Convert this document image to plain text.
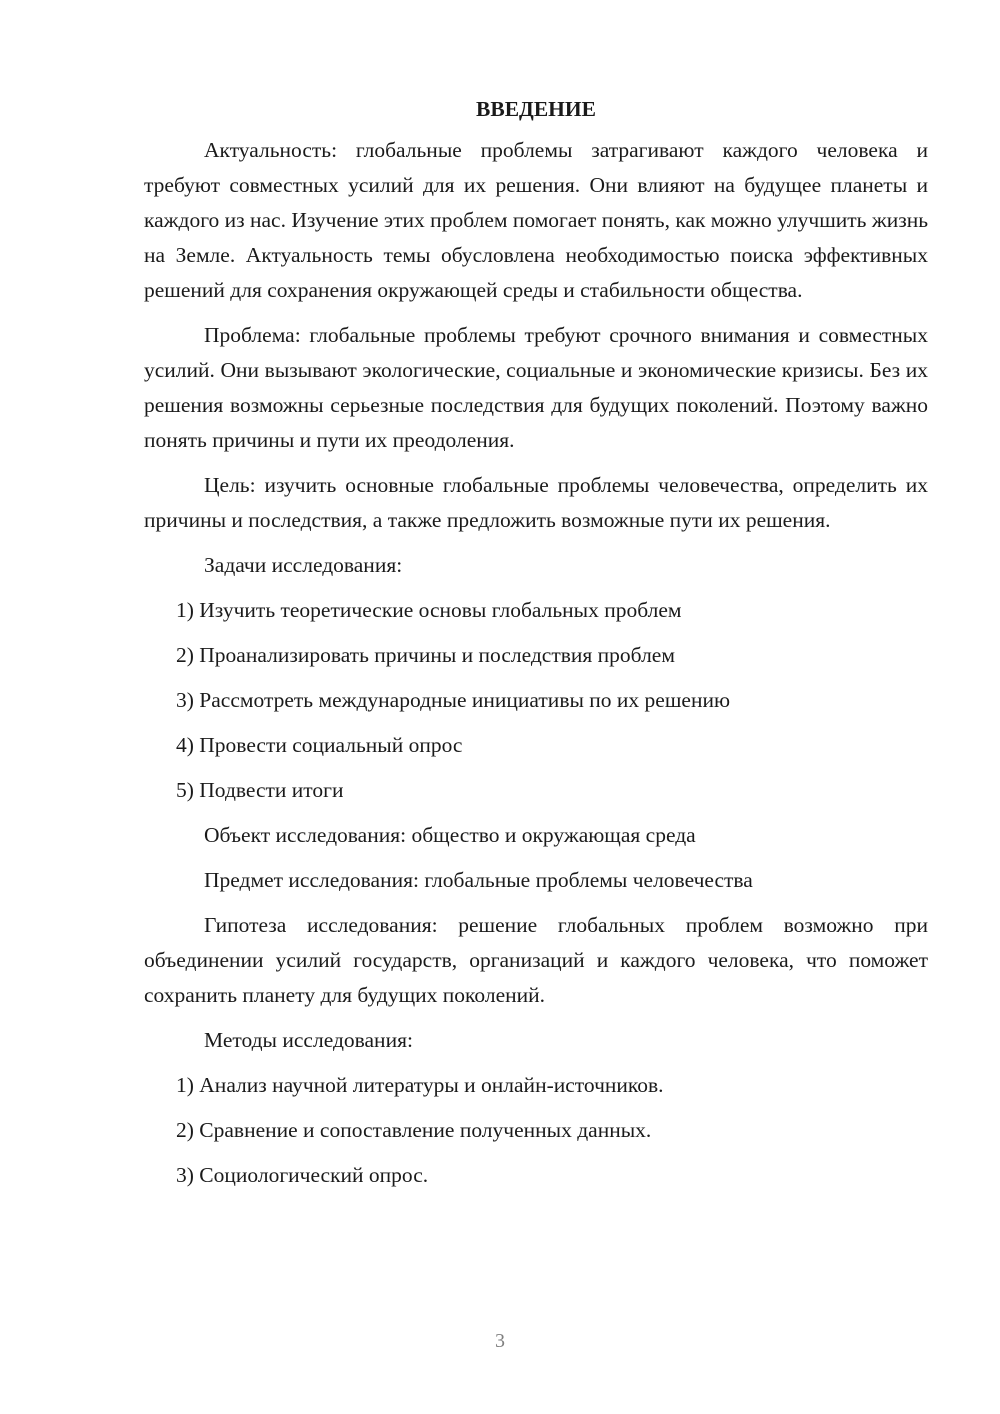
ВВЕДЕНИЕ

Актуальность: глобальные проблемы затрагивают каждого человека и требуют совместных усилий для их решения. Они влияют на будущее планеты и каждого из нас. Изучение этих проблем помогает понять, как можно улучшить жизнь на Земле. Актуальность темы обусловлена необходимостью поиска эффективных решений для сохранения окружающей среды и стабильности общества.

Проблема: глобальные проблемы требуют срочного внимания и совместных усилий. Они вызывают экологические, социальные и экономические кризисы. Без их решения возможны серьезные последствия для будущих поколений. Поэтому важно понять причины и пути их преодоления.

Цель: изучить основные глобальные проблемы человечества, определить их причины и последствия, а также предложить возможные пути их решения.

Задачи исследования:
1) Изучить теоретические основы глобальных проблем
2) Проанализировать причины и последствия проблем
3) Рассмотреть международные инициативы по их решению
4) Провести социальный опрос
5) Подвести итоги
Объект исследования: общество и окружающая среда
Предмет исследования: глобальные проблемы человечества

Гипотеза исследования: решение глобальных проблем возможно при объединении усилий государств, организаций и каждого человека, что поможет сохранить планету для будущих поколений.

Методы исследования:
1) Анализ научной литературы и онлайн-источников.
2) Сравнение и сопоставление полученных данных.
3) Социологический опрос.
3
